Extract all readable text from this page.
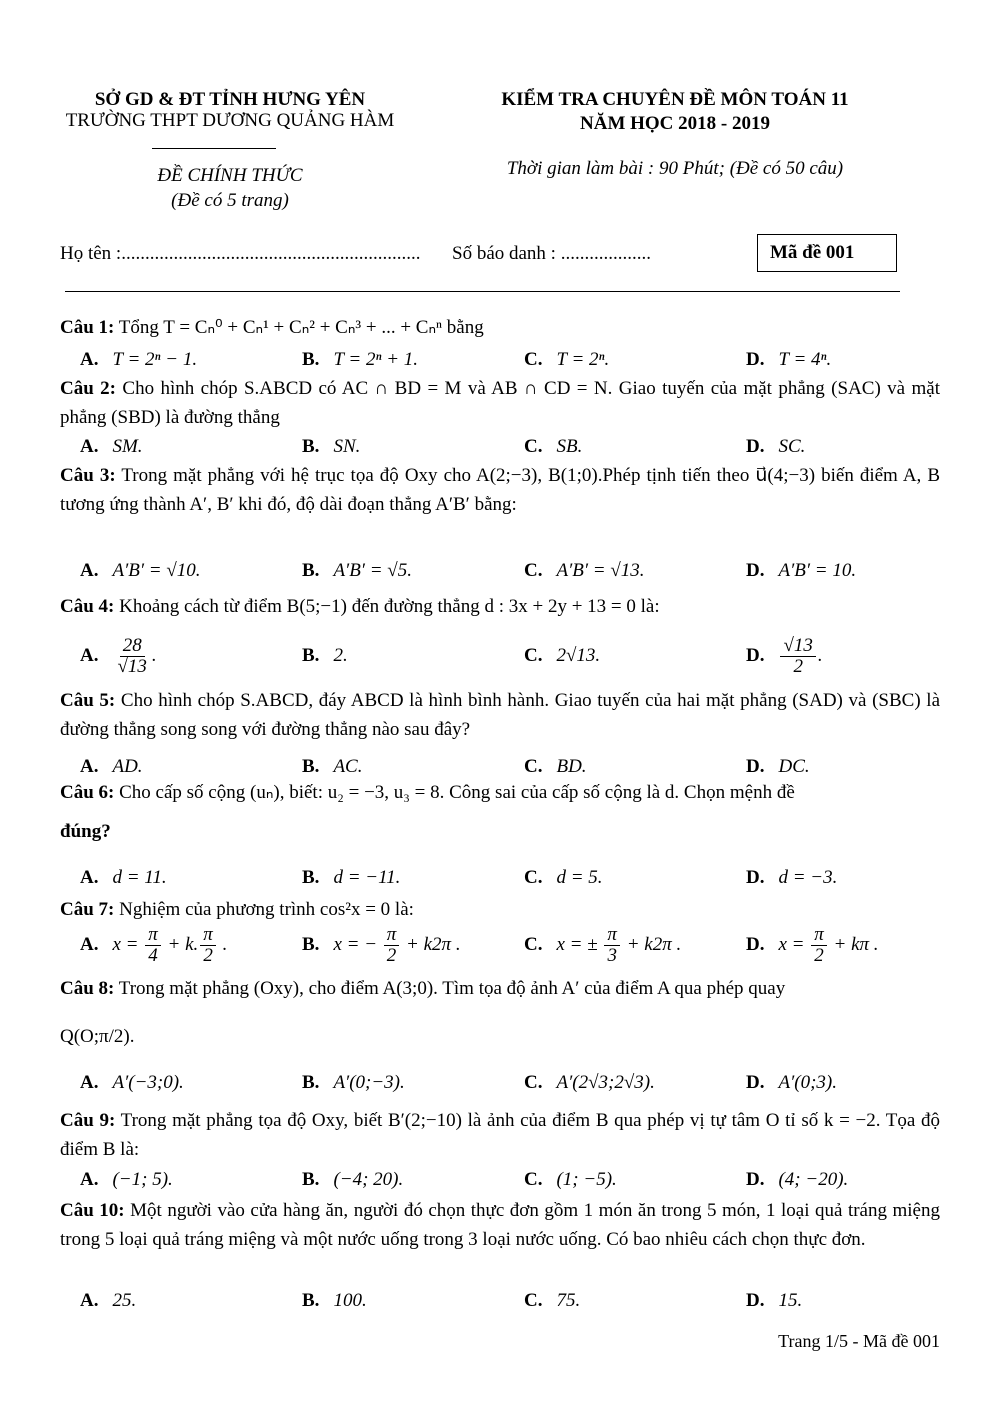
SỞ GD & ĐT TỈNH HƯNG YÊN
TRƯỜNG THPT DƯƠNG QUẢNG HÀM
ĐỀ CHÍNH THỨC
(Đề có 5 trang)
KIỂM TRA CHUYÊN ĐỀ MÔN TOÁN 11
NĂM HỌC 2018 - 2019
Thời gian làm bài : 90 Phút; (Đề có 50 câu)
Họ tên :............................................................... Số báo danh : ...................	Mã đề 001
Câu 1: Tổng T = Cₙ⁰ + Cₙ¹ + Cₙ² + Cₙ³ + ... + Cₙⁿ bằng
A. T = 2ⁿ − 1.	B. T = 2ⁿ + 1.	C. T = 2ⁿ.	D. T = 4ⁿ.
Câu 2: Cho hình chóp S.ABCD có AC ∩ BD = M và AB ∩ CD = N. Giao tuyến của mặt phẳng (SAC) và mặt phẳng (SBD) là đường thẳng
A. SM.	B. SN.	C. SB.	D. SC.
Câu 3: Trong mặt phẳng với hệ trục tọa độ Oxy cho A(2;−3), B(1;0).Phép tịnh tiến theo u⃗(4;−3) biến điểm A, B tương ứng thành A′, B′ khi đó, độ dài đoạn thẳng A′B′ bằng:
A. A′B′ = √10.	B. A′B′ = √5.	C. A′B′ = √13.	D. A′B′ = 10.
Câu 4: Khoảng cách từ điểm B(5;−1) đến đường thẳng d : 3x + 2y + 13 = 0 là:
A. $\frac{28}{√13}$ .	B. 2.	C. 2√13.	D. $\frac{√13}{2}$ .
Câu 5: Cho hình chóp S.ABCD, đáy ABCD là hình bình hành. Giao tuyến của hai mặt phẳng (SAD) và (SBC) là đường thẳng song song với đường thẳng nào sau đây?
A. AD.	B. AC.	C. BD.	D. DC.
Câu 6: Cho cấp số cộng (uₙ), biết: u₂ = −3, u₃ = 8. Công sai của cấp số cộng là d. Chọn mệnh đề
đúng?
A. d = 11.	B. d = −11.	C. d = 5.	D. d = −3.
Câu 7: Nghiệm của phương trình cos²x = 0 là:
A. $x = \frac{\pi}{4} + k$. $\frac{\pi}{2}$ .	B. x = − $\frac{\pi}{2} + k2\pi$ .	C. x = ± $\frac{\pi}{3} + k2\pi$ .	D. $x = \frac{\pi}{2} + k\pi$ .
Câu 8: Trong mặt phẳng (Oxy), cho điểm A(3;0). Tìm tọa độ ảnh A′ của điểm A qua phép quay
Q(O;π/2).
A. A′(−3;0).	B. A′(0;−3).	C. A′(2√3;2√3).	D. A′(0;3).
Câu 9: Trong mặt phẳng tọa độ Oxy, biết B′(2;−10) là ảnh của điểm B qua phép vị tự tâm O tỉ số k = −2. Tọa độ điểm B là:
A. (−1; 5).	B. (−4; 20).	C. (1; −5).	D. (4; −20).
Câu 10: Một người vào cửa hàng ăn, người đó chọn thực đơn gồm 1 món ăn trong 5 món, 1 loại quả tráng miệng trong 5 loại quả tráng miệng và một nước uống trong 3 loại nước uống. Có bao nhiêu cách chọn thực đơn.
A. 25.	B. 100.	C. 75.	D. 15.
Trang 1/5 - Mã đề 001
